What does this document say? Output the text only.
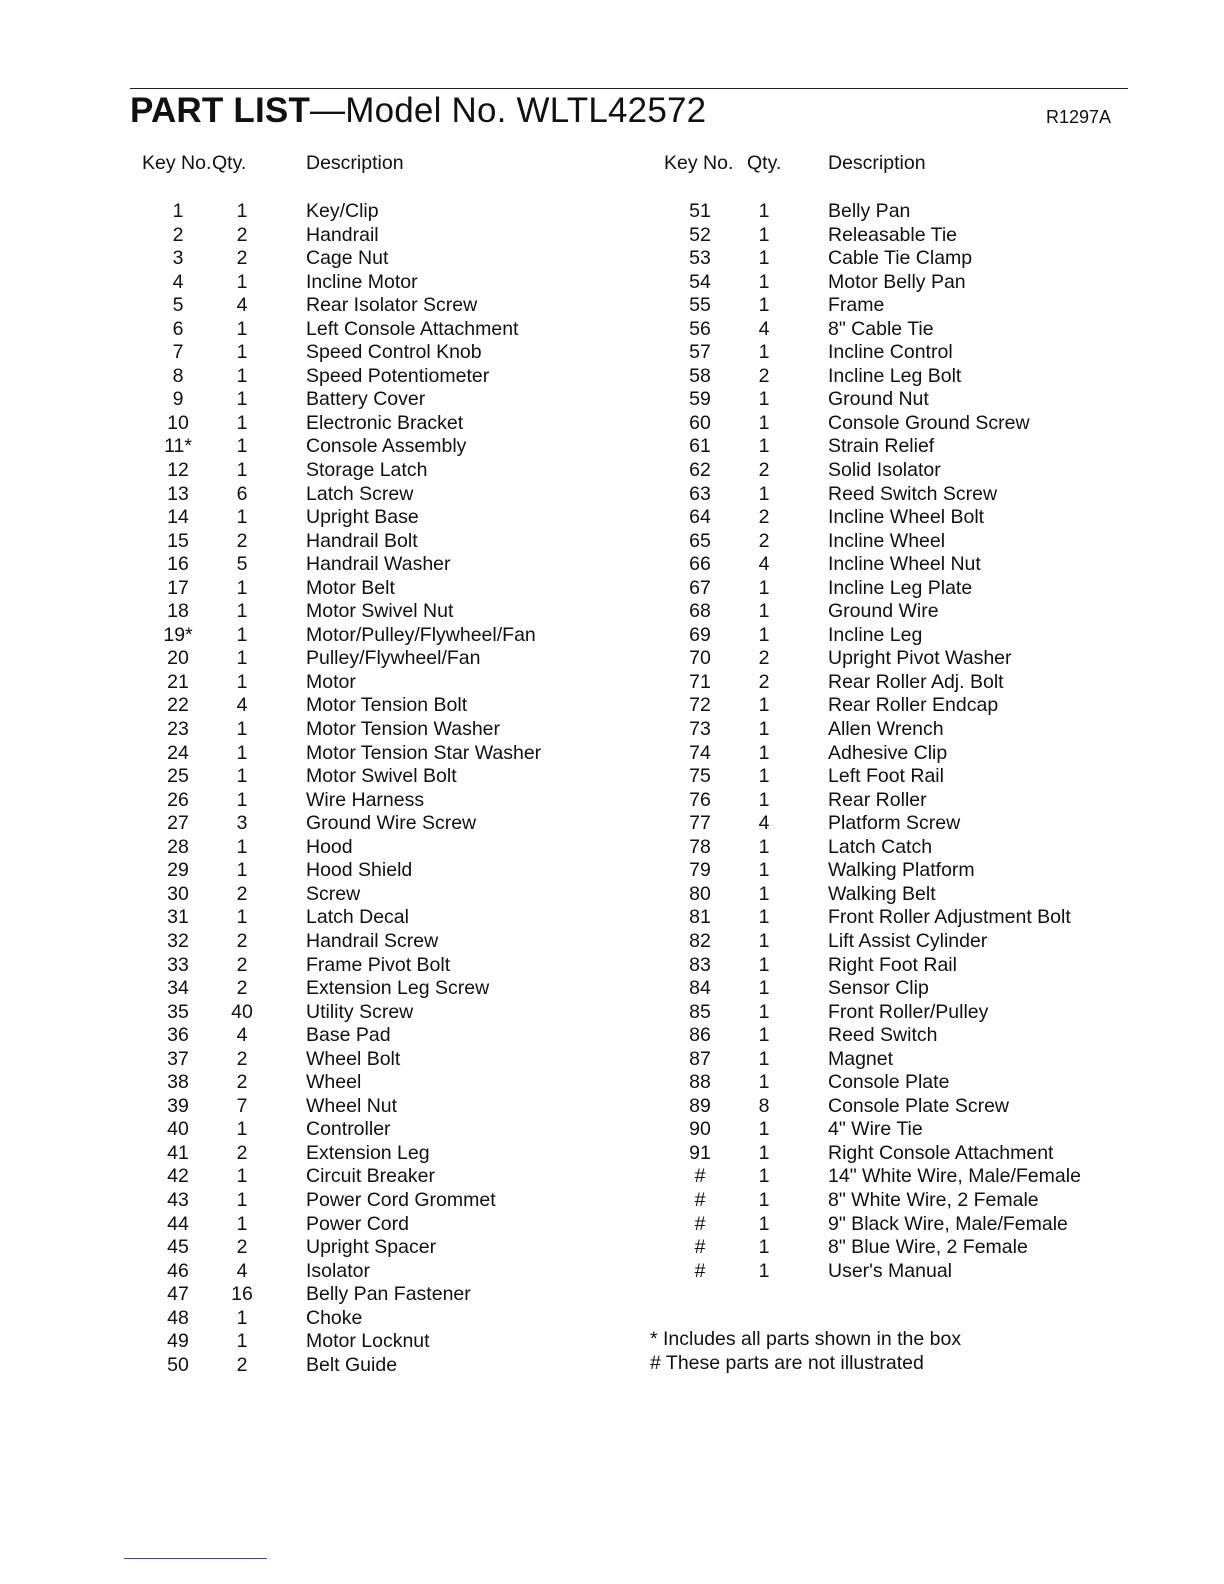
PART LIST—Model No. WLTL42572	R1297A
Key No. Qty.	Description
1	1	Key/Clip
2	2	Handrail
3	2	Cage Nut
4	1	Incline Motor
5	4	Rear Isolator Screw
6	1	Left Console Attachment
7	1	Speed Control Knob
8	1	Speed Potentiometer
9	1	Battery Cover
10	1	Electronic Bracket
11*	1	Console Assembly
12	1	Storage Latch
13	6	Latch Screw
14	1	Upright Base
15	2	Handrail Bolt
16	5	Handrail Washer
17	1	Motor Belt
18	1	Motor Swivel Nut
19*	1	Motor/Pulley/Flywheel/Fan
20	1	Pulley/Flywheel/Fan
21	1	Motor
22	4	Motor Tension Bolt
23	1	Motor Tension Washer
24	1	Motor Tension Star Washer
25	1	Motor Swivel Bolt
26	1	Wire Harness
27	3	Ground Wire Screw
28	1	Hood
29	1	Hood Shield
30	2	Screw
31	1	Latch Decal
32	2	Handrail Screw
33	2	Frame Pivot Bolt
34	2	Extension Leg Screw
35	40	Utility Screw
36	4	Base Pad
37	2	Wheel Bolt
38	2	Wheel
39	7	Wheel Nut
40	1	Controller
41	2	Extension Leg
42	1	Circuit Breaker
43	1	Power Cord Grommet
44	1	Power Cord
45	2	Upright Spacer
46	4	Isolator
47	16	Belly Pan Fastener
48	1	Choke
49	1	Motor Locknut
50	2	Belt Guide
Key No. Qty. Description
51	1	Belly Pan
52	1	Releasable Tie
53	1	Cable Tie Clamp
54	1	Motor Belly Pan
55	1	Frame
56	4	8" Cable Tie
57	1	Incline Control
58	2	Incline Leg Bolt
59	1	Ground Nut
60	1	Console Ground Screw
61	1	Strain Relief
62	2	Solid Isolator
63	1	Reed Switch Screw
64	2	Incline Wheel Bolt
65	2	Incline Wheel
66	4	Incline Wheel Nut
67	1	Incline Leg Plate
68	1	Ground Wire
69	1	Incline Leg
70	2	Upright Pivot Washer
71	2	Rear Roller Adj. Bolt
72	1	Rear Roller Endcap
73	1	Allen Wrench
74	1	Adhesive Clip
75	1	Left Foot Rail
76	1	Rear Roller
77	4	Platform Screw
78	1	Latch Catch
79	1	Walking Platform
80	1	Walking Belt
81	1	Front Roller Adjustment Bolt
82	1	Lift Assist Cylinder
83	1	Right Foot Rail
84	1	Sensor Clip
85	1	Front Roller/Pulley
86	1	Reed Switch
87	1	Magnet
88	1	Console Plate
89	8	Console Plate Screw
90	1	4" Wire Tie
91	1	Right Console Attachment
#	1	14" White Wire, Male/Female
#	1	8" White Wire, 2 Female
#	1	9" Black Wire, Male/Female
#	1	8" Blue Wire, 2 Female
#	1	User's Manual
* Includes all parts shown in the box
# These parts are not illustrated
